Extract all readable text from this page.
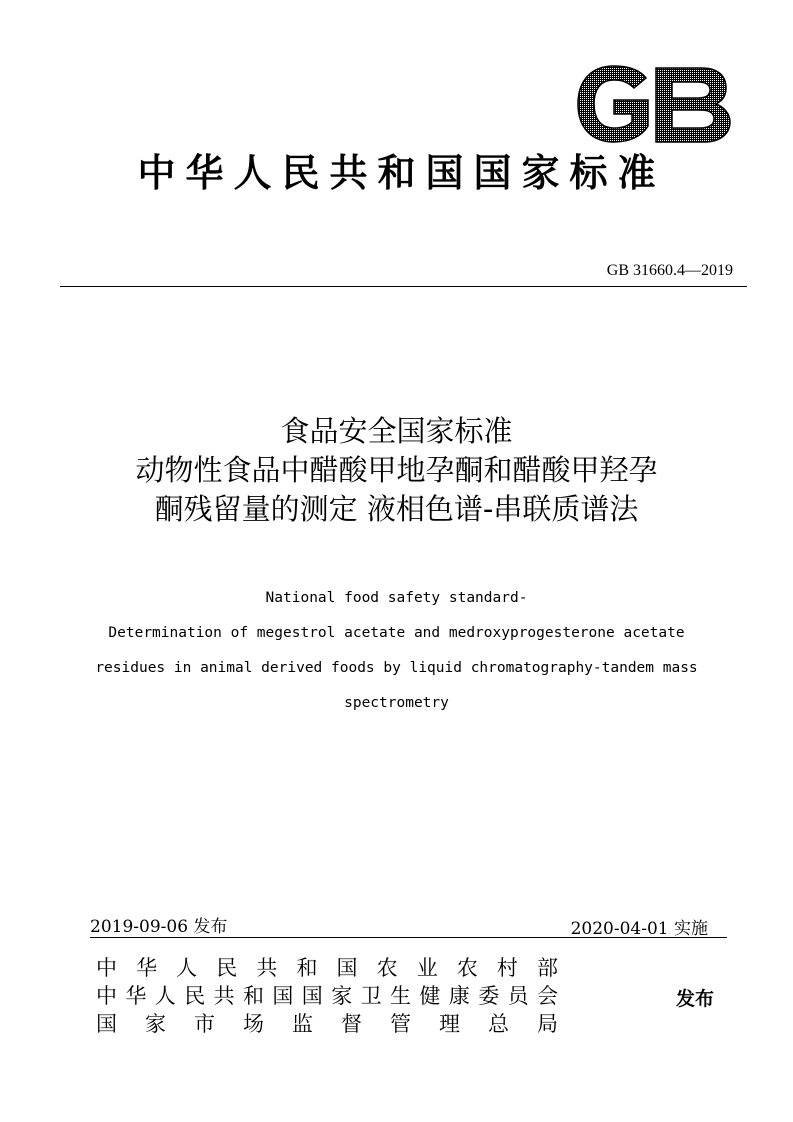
中华人民共和国国家标准
GB 31660.4—2019
食品安全国家标准
动物性食品中醋酸甲地孕酮和醋酸甲羟孕
酮残留量的测定 液相色谱-串联质谱法
National food safety standard-
Determination of megestrol acetate and medroxyprogesterone acetate
residues in animal derived foods by liquid chromatography-tandem mass
spectrometry
2019-09-06 发布	2020-04-01 实施
中华人民共和国农业农村部
中华人民共和国国家卫生健康委员会
国家市场监督管理总局
发布
